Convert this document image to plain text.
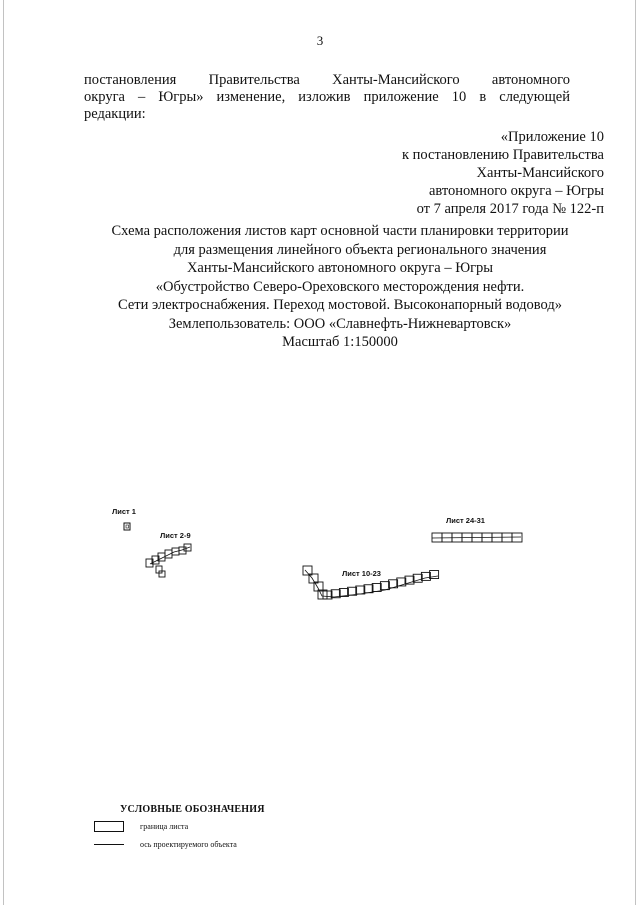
3
постановления Правительства Ханты-Мансийского автономного
округа – Югры» изменение, изложив приложение 10 в следующей
редакции:
«Приложение 10
к постановлению Правительства
Ханты-Мансийского
автономного округа – Югры
от 7 апреля 2017 года № 122-п
Схема расположения листов карт основной части планировки территории
для размещения линейного объекта регионального значения
Ханты-Мансийского автономного округа – Югры
«Обустройство Северо-Ореховского месторождения нефти.
Сети электроснабжения. Переход мостовой. Высоконапорный водовод»
Землепользователь: ООО «Славнефть-Нижневартовск»
Масштаб 1:150000
Лист 1
Лист 2-9
Лист 10-23
Лист 24-31
УСЛОВНЫЕ ОБОЗНАЧЕНИЯ
граница листа
ось проектируемого объекта
